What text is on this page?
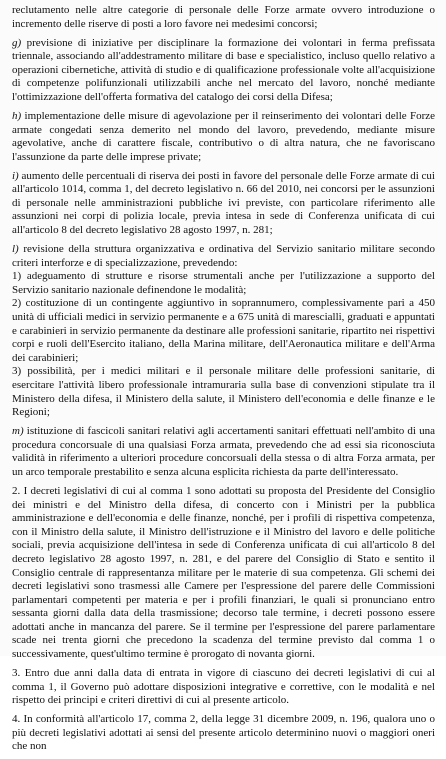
reclutamento nelle altre categorie di personale delle Forze armate ovvero introduzione o incremento delle riserve di posti a loro favore nei medesimi concorsi;

g) previsione di iniziative per disciplinare la formazione dei volontari in ferma prefissata triennale, associando all'addestramento militare di base e specialistico, incluso quello relativo a operazioni cibernetiche, attività di studio e di qualificazione professionale volte all'acquisizione di competenze polifunzionali utilizzabili anche nel mercato del lavoro, nonché mediante l'ottimizzazione dell'offerta formativa del catalogo dei corsi della Difesa;

h) implementazione delle misure di agevolazione per il reinserimento dei volontari delle Forze armate congedati senza demerito nel mondo del lavoro, prevedendo, mediante misure agevolative, anche di carattere fiscale, contributivo o di altra natura, che ne favoriscano l'assunzione da parte delle imprese private;

i) aumento delle percentuali di riserva dei posti in favore del personale delle Forze armate di cui all'articolo 1014, comma 1, del decreto legislativo n. 66 del 2010, nei concorsi per le assunzioni di personale nelle amministrazioni pubbliche ivi previste, con particolare riferimento alle assunzioni nei corpi di polizia locale, previa intesa in sede di Conferenza unificata di cui all'articolo 8 del decreto legislativo 28 agosto 1997, n. 281;

l) revisione della struttura organizzativa e ordinativa del Servizio sanitario militare secondo criteri interforze e di specializzazione, prevedendo:

1) adeguamento di strutture e risorse strumentali anche per l'utilizzazione a supporto del Servizio sanitario nazionale definendone le modalità;

2) costituzione di un contingente aggiuntivo in soprannumero, complessivamente pari a 450 unità di ufficiali medici in servizio permanente e a 675 unità di marescialli, graduati e appuntati e carabinieri in servizio permanente da destinare alle professioni sanitarie, ripartito nei rispettivi corpi e ruoli dell'Esercito italiano, della Marina militare, dell'Aeronautica militare e dell'Arma dei carabinieri;

3) possibilità, per i medici militari e il personale militare delle professioni sanitarie, di esercitare l'attività libero professionale intramuraria sulla base di convenzioni stipulate tra il Ministero della difesa, il Ministero della salute, il Ministero dell'economia e delle finanze e le Regioni;

m) istituzione di fascicoli sanitari relativi agli accertamenti sanitari effettuati nell'ambito di una procedura concorsuale di una qualsiasi Forza armata, prevedendo che ad essi sia riconosciuta validità in riferimento a ulteriori procedure concorsuali della stessa o di altra Forza armata, per un arco temporale prestabilito e senza alcuna esplicita richiesta da parte dell'interessato.

2. I decreti legislativi di cui al comma 1 sono adottati su proposta del Presidente del Consiglio dei ministri e del Ministro della difesa, di concerto con i Ministri per la pubblica amministrazione e dell'economia e delle finanze, nonché, per i profili di rispettiva competenza, con il Ministro della salute, il Ministro dell'istruzione e il Ministro del lavoro e delle politiche sociali, previa acquisizione dell'intesa in sede di Conferenza unificata di cui all'articolo 8 del decreto legislativo 28 agosto 1997, n. 281, e del parere del Consiglio di Stato e sentito il Consiglio centrale di rappresentanza militare per le materie di sua competenza. Gli schemi dei decreti legislativi sono trasmessi alle Camere per l'espressione del parere delle Commissioni parlamentari competenti per materia e per i profili finanziari, le quali si pronunciano entro sessanta giorni dalla data della trasmissione; decorso tale termine, i decreti possono essere adottati anche in mancanza del parere. Se il termine per l'espressione del parere parlamentare scade nei trenta giorni che precedono la scadenza del termine previsto dal comma 1 o successivamente, quest'ultimo termine è prorogato di novanta giorni.

3. Entro due anni dalla data di entrata in vigore di ciascuno dei decreti legislativi di cui al comma 1, il Governo può adottare disposizioni integrative e correttive, con le modalità e nel rispetto dei principi e criteri direttivi di cui al presente articolo.

4. In conformità all'articolo 17, comma 2, della legge 31 dicembre 2009, n. 196, qualora uno o più decreti legislativi adottati ai sensi del presente articolo determinino nuovi o maggiori oneri che non
